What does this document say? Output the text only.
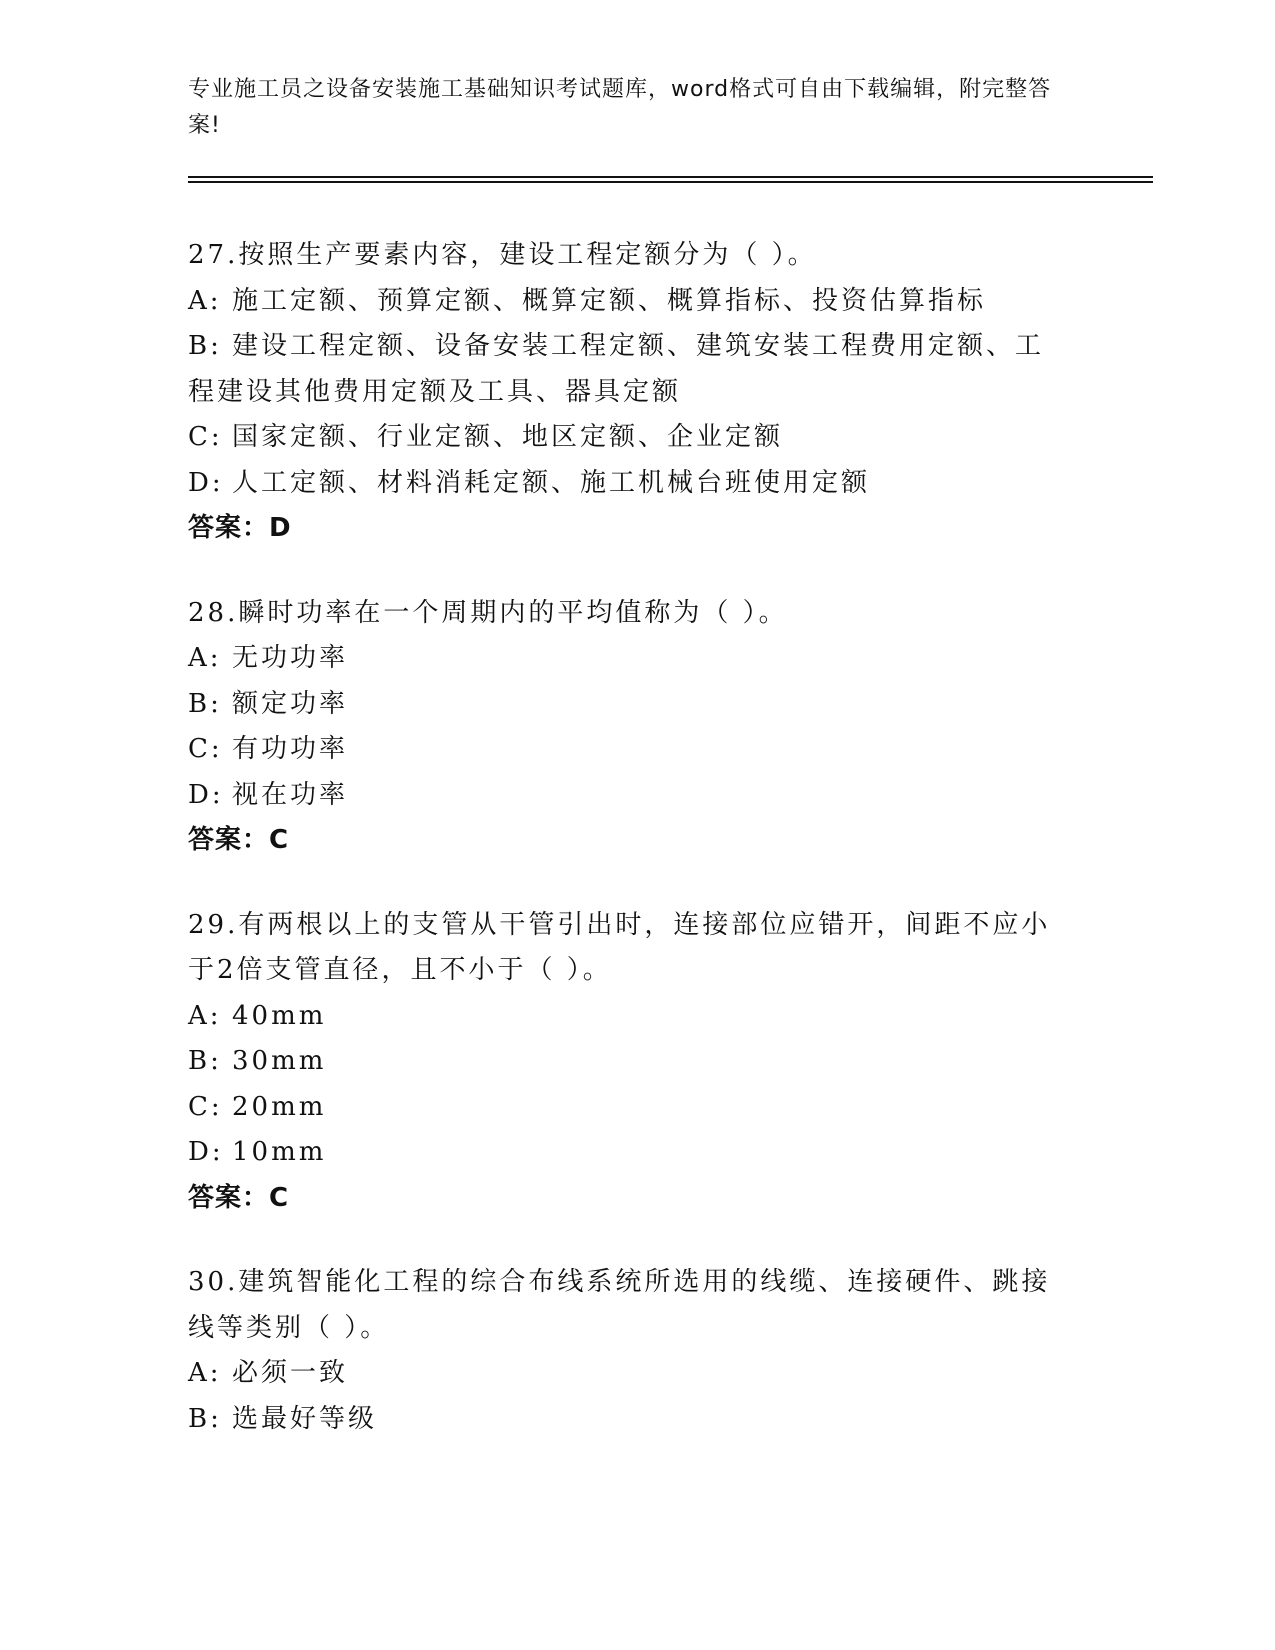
专业施工员之设备安装施工基础知识考试题库，word格式可自由下载编辑，附完整答案!

27.按照生产要素内容，建设工程定额分为（ ）。

A: 施工定额、预算定额、概算定额、概算指标、投资估算指标

B: 建设工程定额、设备安装工程定额、建筑安装工程费用定额、工程建设其他费用定额及工具、器具定额

C: 国家定额、行业定额、地区定额、企业定额

D: 人工定额、材料消耗定额、施工机械台班使用定额

答案：D

28.瞬时功率在一个周期内的平均值称为（ ）。

A: 无功功率

B: 额定功率

C: 有功功率

D: 视在功率

答案：C

29.有两根以上的支管从干管引出时，连接部位应错开，间距不应小于2倍支管直径，且不小于（ ）。

A: 40mm

B: 30mm

C: 20mm

D: 10mm

答案：C

30.建筑智能化工程的综合布线系统所选用的线缆、连接硬件、跳接线等类别（ ）。

A: 必须一致

B: 选最好等级
